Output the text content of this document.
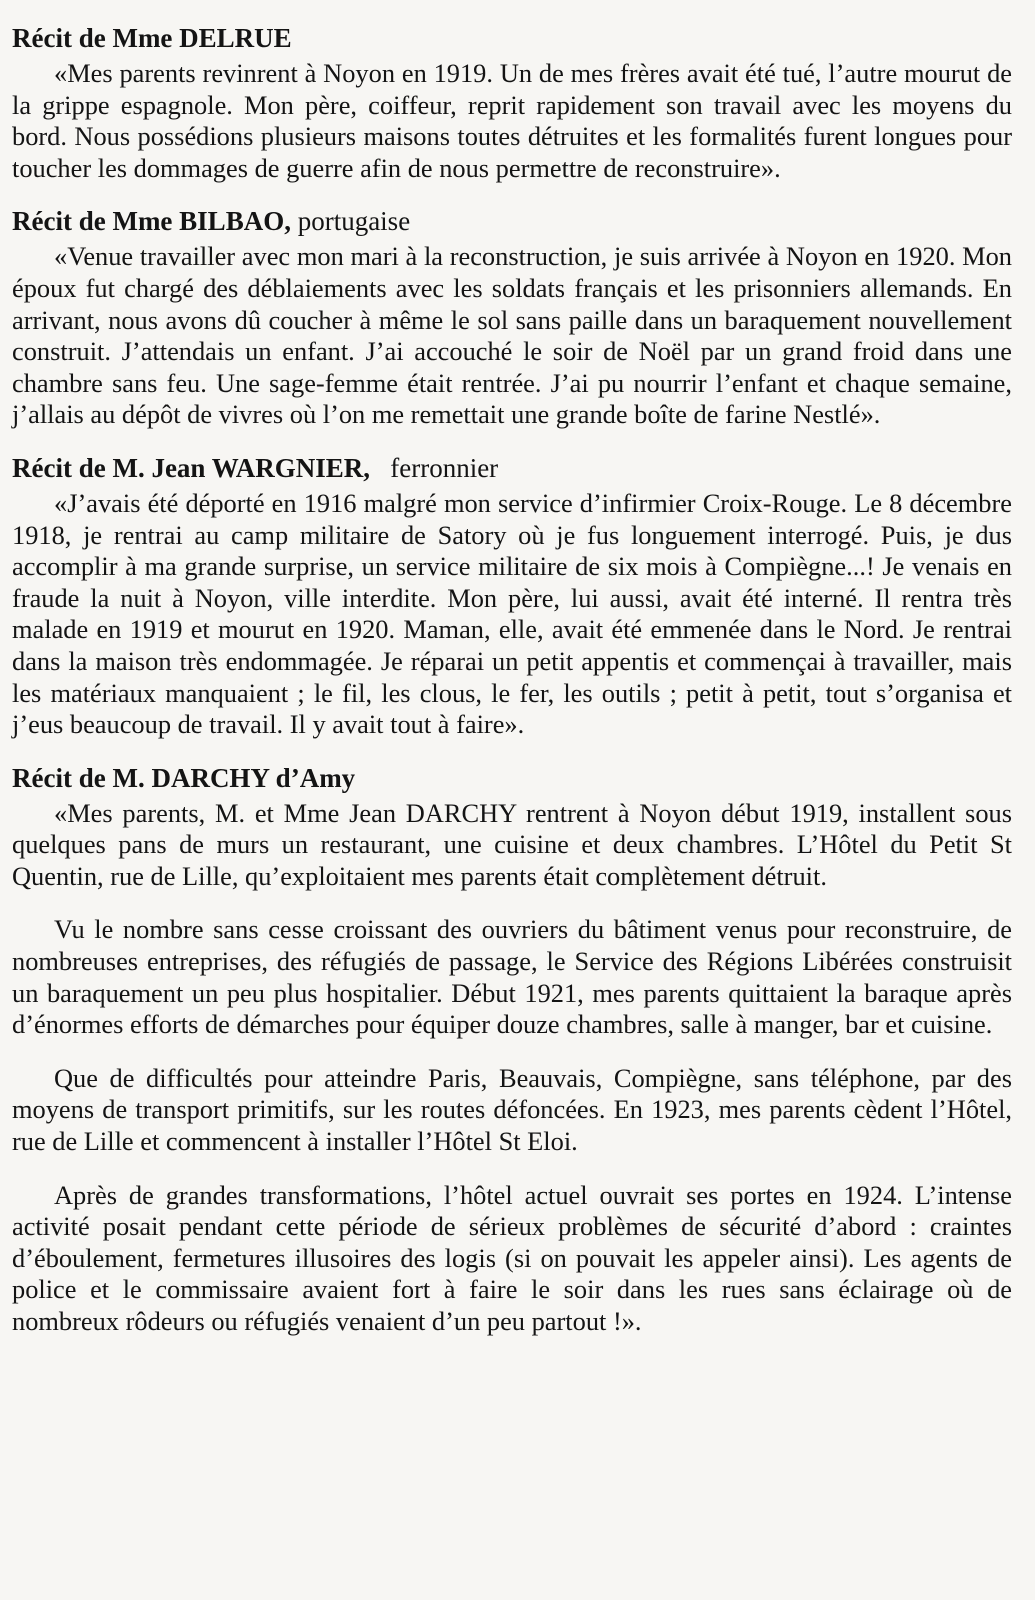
Récit de Mme DELRUE

«Mes parents revinrent à Noyon en 1919. Un de mes frères avait été tué, l’autre mourut de la grippe espagnole. Mon père, coiffeur, reprit rapidement son travail avec les moyens du bord. Nous possédions plusieurs maisons toutes détruites et les formalités furent longues pour toucher les dommages de guerre afin de nous permettre de reconstruire».

Récit de Mme BILBAO, portugaise

«Venue travailler avec mon mari à la reconstruction, je suis arrivée à Noyon en 1920. Mon époux fut chargé des déblaiements avec les soldats français et les prisonniers allemands. En arrivant, nous avons dû coucher à même le sol sans paille dans un baraquement nouvellement construit. J’attendais un enfant. J’ai accouché le soir de Noël par un grand froid dans une chambre sans feu. Une sage-femme était rentrée. J’ai pu nourrir l’enfant et chaque semaine, j’allais au dépôt de vivres où l’on me remettait une grande boîte de farine Nestlé».

Récit de M. Jean WARGNIER, ferronnier

«J’avais été déporté en 1916 malgré mon service d’infirmier Croix-Rouge. Le 8 décembre 1918, je rentrai au camp militaire de Satory où je fus longuement interrogé. Puis, je dus accomplir à ma grande surprise, un service militaire de six mois à Compiègne...! Je venais en fraude la nuit à Noyon, ville interdite. Mon père, lui aussi, avait été interné. Il rentra très malade en 1919 et mourut en 1920. Maman, elle, avait été emmenée dans le Nord. Je rentrai dans la maison très endommagée. Je réparai un petit appentis et commençai à travailler, mais les matériaux manquaient ; le fil, les clous, le fer, les outils ; petit à petit, tout s’organisa et j’eus beaucoup de travail. Il y avait tout à faire».

Récit de M. DARCHY d’Amy

«Mes parents, M. et Mme Jean DARCHY rentrent à Noyon début 1919, installent sous quelques pans de murs un restaurant, une cuisine et deux chambres. L’Hôtel du Petit St Quentin, rue de Lille, qu’exploitaient mes parents était complètement détruit.

Vu le nombre sans cesse croissant des ouvriers du bâtiment venus pour reconstruire, de nombreuses entreprises, des réfugiés de passage, le Service des Régions Libérées construisit un baraquement un peu plus hospitalier. Début 1921, mes parents quittaient la baraque après d’énormes efforts de démarches pour équiper douze chambres, salle à manger, bar et cuisine.

Que de difficultés pour atteindre Paris, Beauvais, Compiègne, sans téléphone, par des moyens de transport primitifs, sur les routes défoncées. En 1923, mes parents cèdent l’Hôtel, rue de Lille et commencent à installer l’Hôtel St Eloi.

Après de grandes transformations, l’hôtel actuel ouvrait ses portes en 1924. L’intense activité posait pendant cette période de sérieux problèmes de sécurité d’abord : craintes d’éboulement, fermetures illusoires des logis (si on pouvait les appeler ainsi). Les agents de police et le commissaire avaient fort à faire le soir dans les rues sans éclairage où de nombreux rôdeurs ou réfugiés venaient d’un peu partout !».
